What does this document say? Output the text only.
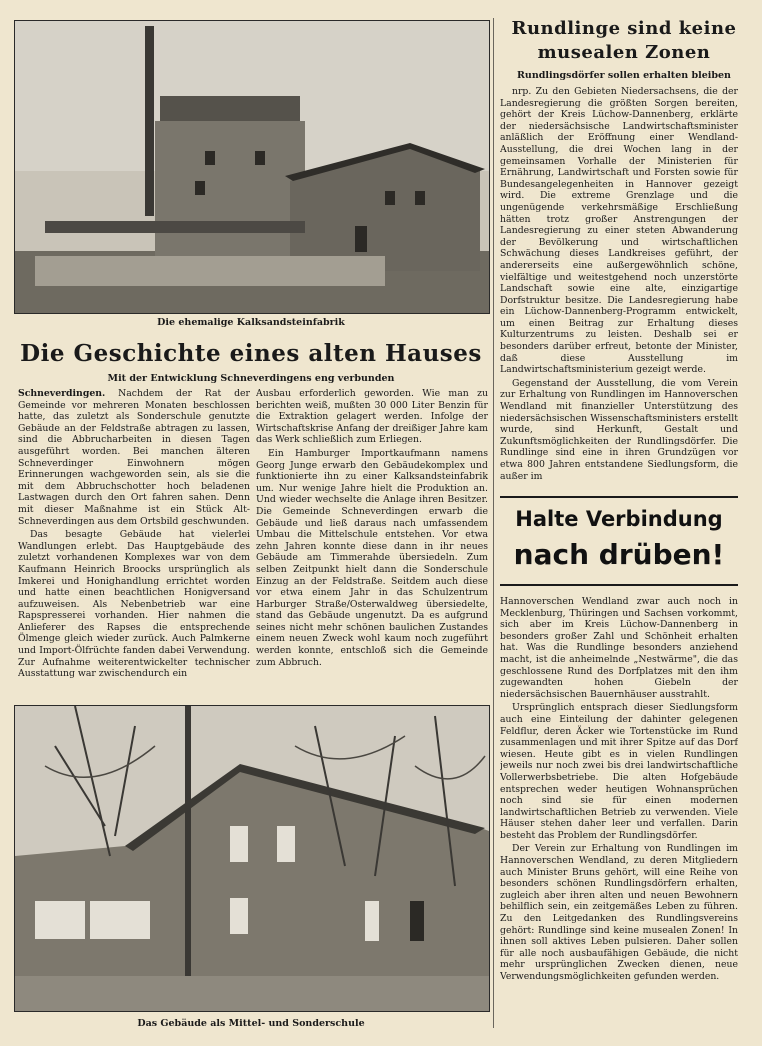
Die ehemalige Kalksandsteinfabrik
Die Geschichte eines alten Hauses
Mit der Entwicklung Schneverdingens eng verbunden

Schneverdingen. Nachdem der Rat der Gemeinde vor mehreren Monaten beschlossen hatte, das zuletzt als Sonderschule genutzte Gebäude an der Feldstraße abtragen zu lassen, sind die Abbrucharbeiten in diesen Tagen ausgeführt worden. Bei manchen älteren Schneverdinger Einwohnern mögen Erinnerungen wachgeworden sein, als sie die mit dem Abbruchschotter hoch beladenen Lastwagen durch den Ort fahren sahen. Denn mit dieser Maßnahme ist ein Stück Alt-Schneverdingen aus dem Ortsbild geschwunden.

Das besagte Gebäude hat vielerlei Wandlungen erlebt. Das Hauptgebäude des zuletzt vorhandenen Komplexes war von dem Kaufmann Heinrich Broocks ursprünglich als Imkerei und Honighandlung errichtet worden und hatte einen beachtlichen Honigversand aufzuweisen. Als Nebenbetrieb war eine Rapspresserei vorhanden. Hier nahmen die Anlieferer des Rapses die entsprechende Ölmenge gleich wieder zurück. Auch Palmkerne und Import-Ölfrüchte fanden dabei Verwendung. Zur Aufnahme weiterentwickelter technischer Ausstattung war zwischendurch ein

Ausbau erforderlich geworden. Wie man zu berichten weiß, mußten 30 000 Liter Benzin für die Extraktion gelagert werden. Infolge der Wirtschaftskrise Anfang der dreißiger Jahre kam das Werk schließlich zum Erliegen.

Ein Hamburger Importkaufmann namens Georg Junge erwarb den Gebäudekomplex und funktionierte ihn zu einer Kalksandsteinfabrik um. Nur wenige Jahre hielt die Produktion an. Und wieder wechselte die Anlage ihren Besitzer. Die Gemeinde Schneverdingen erwarb die Gebäude und ließ daraus nach umfassendem Umbau die Mittelschule entstehen. Vor etwa zehn Jahren konnte diese dann in ihr neues Gebäude am Timmerahde übersiedeln. Zum selben Zeitpunkt hielt dann die Sonderschule Einzug an der Feldstraße. Seitdem auch diese vor etwa einem Jahr in das Schulzentrum Harburger Straße/Osterwaldweg übersiedelte, stand das Gebäude ungenutzt. Da es aufgrund seines nicht mehr schönen baulichen Zustandes einem neuen Zweck wohl kaum noch zugeführt werden konnte, entschloß sich die Gemeinde zum Abbruch.

Das Gebäude als Mittel- und Sonderschule
Rundlinge sind keine
musealen Zonen
Rundlingsdörfer sollen erhalten bleiben

nrp. Zu den Gebieten Niedersachsens, die der Landesregierung die größten Sorgen bereiten, gehört der Kreis Lüchow-Dannenberg, erklärte der niedersächsische Landwirtschaftsminister anläßlich der Eröffnung einer Wendland-Ausstellung, die drei Wochen lang in der gemeinsamen Vorhalle der Ministerien für Ernährung, Landwirtschaft und Forsten sowie für Bundesangelegenheiten in Hannover gezeigt wird. Die extreme Grenzlage und die ungenügende verkehrsmäßige Erschließung hätten trotz großer Anstrengungen der Landesregierung zu einer steten Abwanderung der Bevölkerung und wirtschaftlichen Schwächung dieses Landkreises geführt, der andererseits eine außergewöhnlich schöne, vielfältige und weitestgehend noch unzerstörte Landschaft sowie eine alte, einzigartige Dorfstruktur besitze. Die Landesregierung habe ein Lüchow-Dannenberg-Programm entwickelt, um einen Beitrag zur Erhaltung dieses Kulturzentrums zu leisten. Deshalb sei er besonders darüber erfreut, betonte der Minister, daß diese Ausstellung im Landwirtschaftsministerium gezeigt werde.

Gegenstand der Ausstellung, die vom Verein zur Erhaltung von Rundlingen im Hannoverschen Wendland mit finanzieller Unterstützung des niedersächsischen Wissenschaftsministers erstellt wurde, sind Herkunft, Gestalt und Zukunftsmöglichkeiten der Rundlingsdörfer. Die Rundlinge sind eine in ihren Grundzügen vor etwa 800 Jahren entstandene Siedlungsform, die außer im

Halte Verbindung
nach drüben!

Hannoverschen Wendland zwar auch noch in Mecklenburg, Thüringen und Sachsen vorkommt, sich aber im Kreis Lüchow-Dannenberg in besonders großer Zahl und Schönheit erhalten hat. Was die Rundlinge besonders anziehend macht, ist die anheimelnde „Nestwärme", die das geschlossene Rund des Dorfplatzes mit den ihm zugewandten hohen Giebeln der niedersächsischen Bauernhäuser ausstrahlt.

Ursprünglich entsprach dieser Siedlungsform auch eine Einteilung der dahinter gelegenen Feldflur, deren Äcker wie Tortenstücke im Rund zusammenlagen und mit ihrer Spitze auf das Dorf wiesen. Heute gibt es in vielen Rundlingen jeweils nur noch zwei bis drei landwirtschaftliche Vollerwerbsbetriebe. Die alten Hofgebäude entsprechen weder heutigen Wohnansprüchen noch sind sie für einen modernen landwirtschaftlichen Betrieb zu verwenden. Viele Häuser stehen daher leer und verfallen. Darin besteht das Problem der Rundlingsdörfer.

Der Verein zur Erhaltung von Rundlingen im Hannoverschen Wendland, zu deren Mitgliedern auch Minister Bruns gehört, will eine Reihe von besonders schönen Rundlingsdörfern erhalten, zugleich aber ihren alten und neuen Bewohnern behilflich sein, ein zeitgemäßes Leben zu führen. Zu den Leitgedanken des Rundlingsvereins gehört: Rundlinge sind keine musealen Zonen! In ihnen soll aktives Leben pulsieren. Daher sollen für alle noch ausbaufähigen Gebäude, die nicht mehr ursprünglichen Zwecken dienen, neue Verwendungsmöglichkeiten gefunden werden.
